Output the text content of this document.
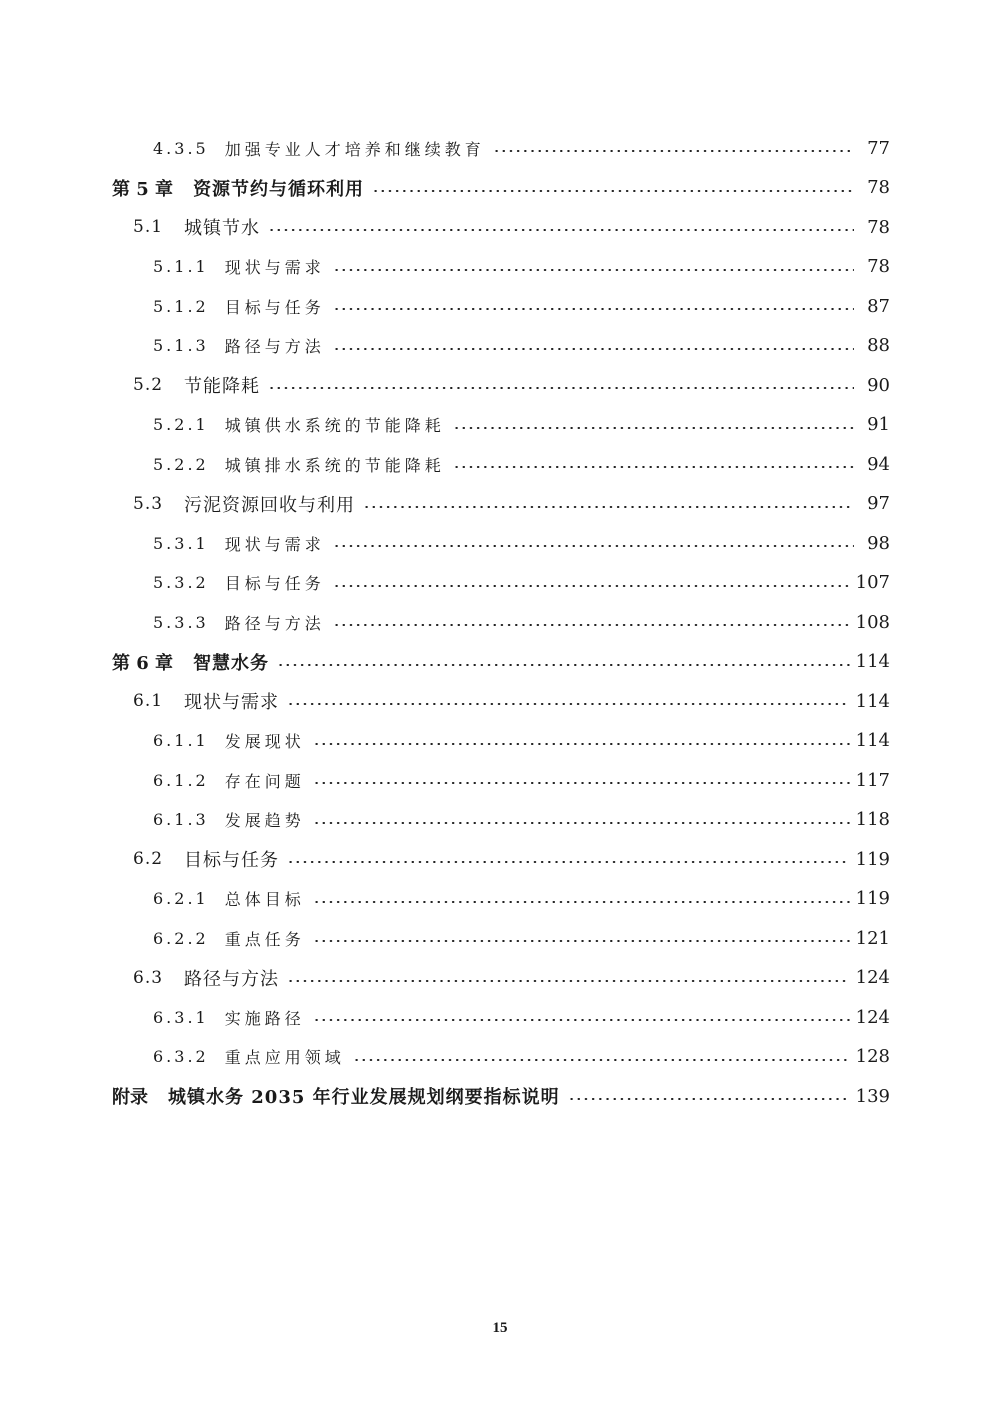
4.3.5 加强专业人才培养和继续教育	77
第 5 章 资源节约与循环利用	78
5.1 城镇节水	78
5.1.1 现状与需求	78
5.1.2 目标与任务	87
5.1.3 路径与方法	88
5.2 节能降耗	90
5.2.1 城镇供水系统的节能降耗	91
5.2.2 城镇排水系统的节能降耗	94
5.3 污泥资源回收与利用	97
5.3.1 现状与需求	98
5.3.2 目标与任务	107
5.3.3 路径与方法	108
第 6 章 智慧水务	114
6.1 现状与需求	114
6.1.1 发展现状	114
6.1.2 存在问题	117
6.1.3 发展趋势	118
6.2 目标与任务	119
6.2.1 总体目标	119
6.2.2 重点任务	121
6.3 路径与方法	124
6.3.1 实施路径	124
6.3.2 重点应用领域	128
附录 城镇水务 2035 年行业发展规划纲要指标说明	139
15
